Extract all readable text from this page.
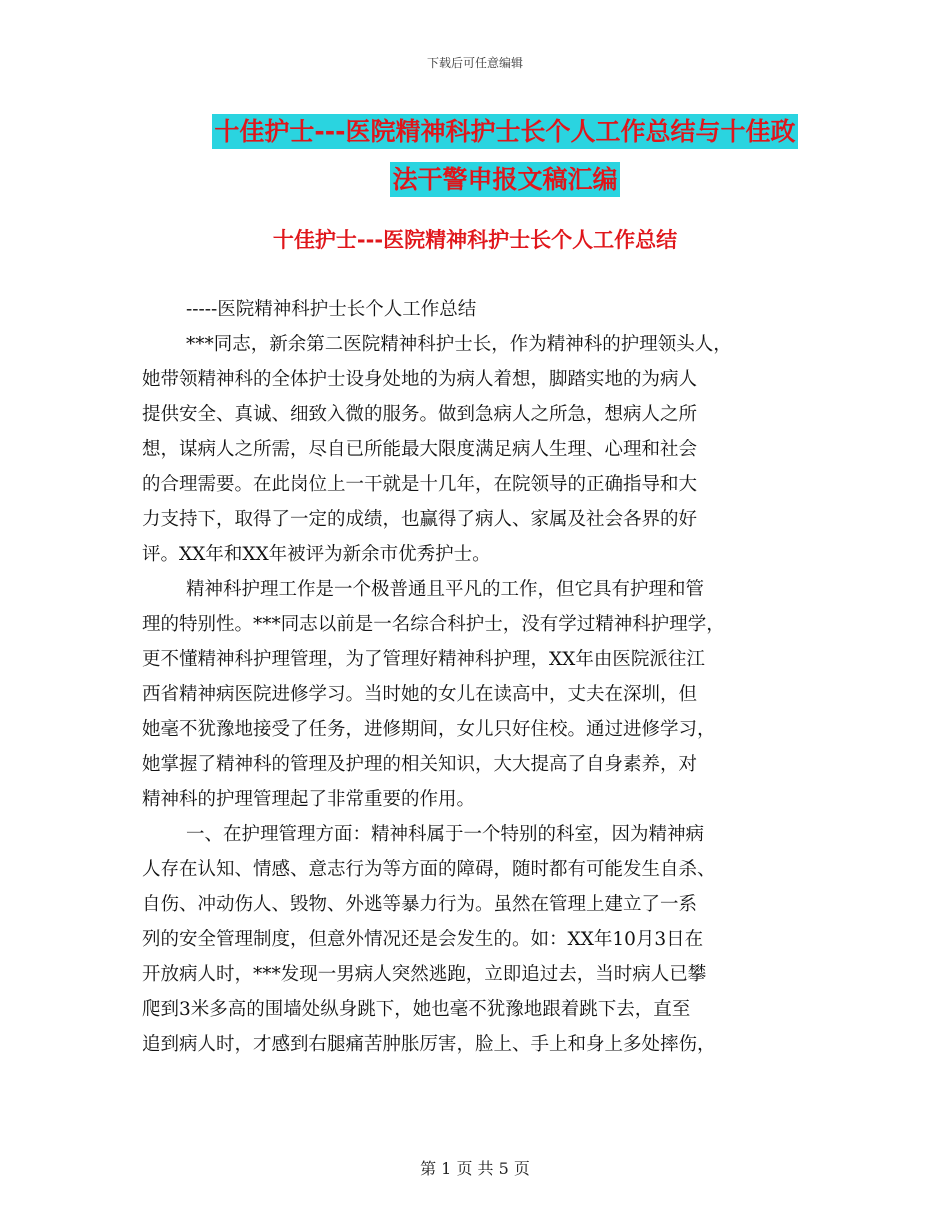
下载后可任意编辑
十佳护士---医院精神科护士长个人工作总结与十佳政
法干警申报文稿汇编
十佳护士---医院精神科护士长个人工作总结
-----医院精神科护士长个人工作总结
***同志，新余第二医院精神科护士长，作为精神科的护理领头人，
她带领精神科的全体护士设身处地的为病人着想，脚踏实地的为病人
提供安全、真诚、细致入微的服务。做到急病人之所急，想病人之所
想，谋病人之所需，尽自已所能最大限度满足病人生理、心理和社会
的合理需要。在此岗位上一干就是十几年，在院领导的正确指导和大
力支持下，取得了一定的成绩，也赢得了病人、家属及社会各界的好
评。XX年和XX年被评为新余市优秀护士。
精神科护理工作是一个极普通且平凡的工作，但它具有护理和管
理的特别性。***同志以前是一名综合科护士，没有学过精神科护理学，
更不懂精神科护理管理，为了管理好精神科护理，XX年由医院派往江
西省精神病医院进修学习。当时她的女儿在读高中，丈夫在深圳，但
她毫不犹豫地接受了任务，进修期间，女儿只好住校。通过进修学习，
她掌握了精神科的管理及护理的相关知识，大大提高了自身素养，对
精神科的护理管理起了非常重要的作用。
一、在护理管理方面：精神科属于一个特别的科室，因为精神病
人存在认知、情感、意志行为等方面的障碍，随时都有可能发生自杀、
自伤、冲动伤人、毁物、外逃等暴力行为。虽然在管理上建立了一系
列的安全管理制度，但意外情况还是会发生的。如：XX年10月3日在
开放病人时，***发现一男病人突然逃跑，立即追过去，当时病人已攀
爬到3米多高的围墙处纵身跳下，她也毫不犹豫地跟着跳下去，直至
追到病人时，才感到右腿痛苦肿胀厉害，脸上、手上和身上多处摔伤，
第 1 页 共 5 页
